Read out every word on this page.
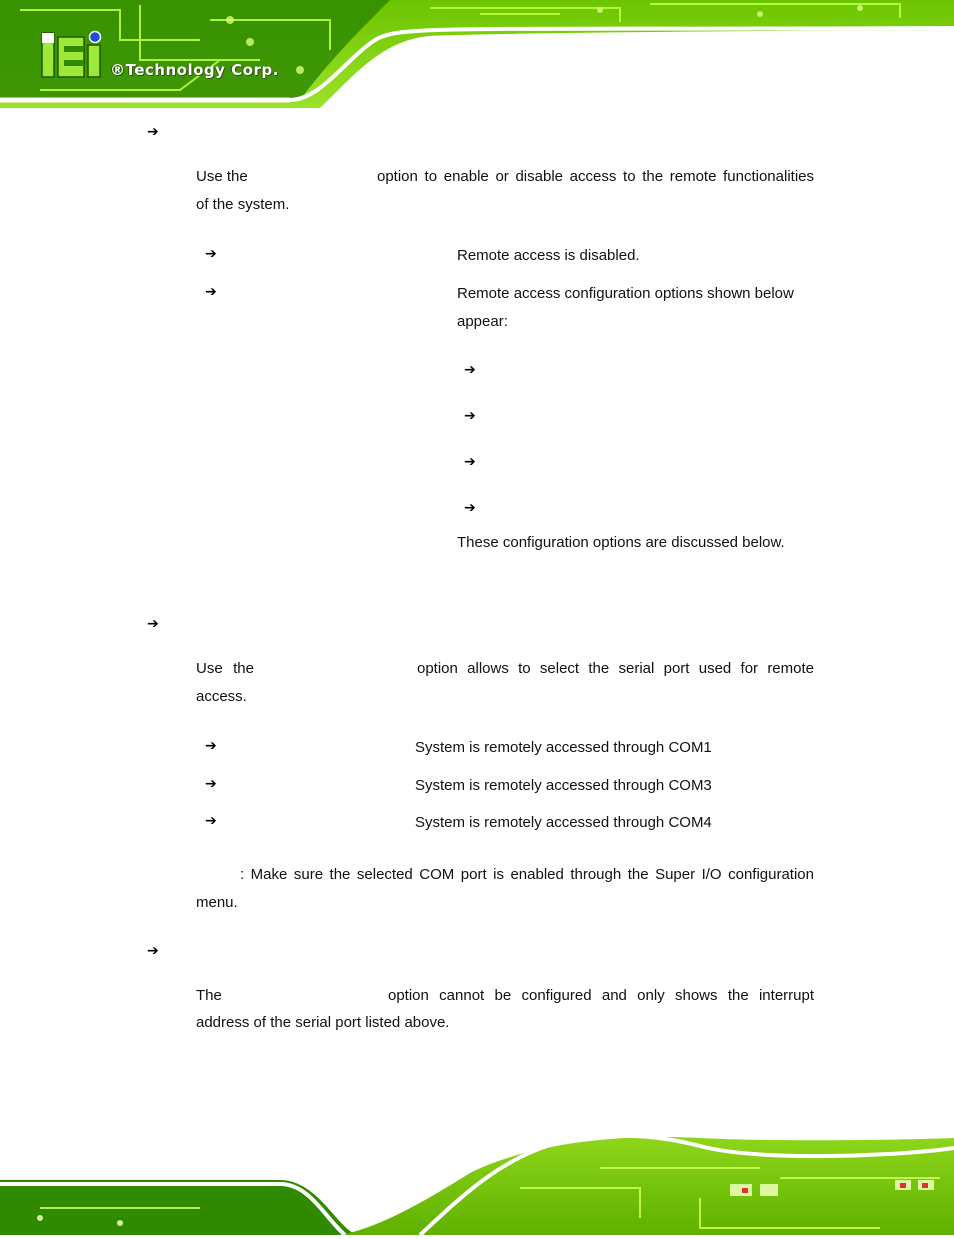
®Technology Corp.
➔
Use the	option to enable or disable access to the remote functionalities
of the system.
➔	Remote access is disabled.
➔	Remote access configuration options shown below
appear:
➔
➔
➔
➔
These configuration options are discussed below.
➔
Use the	option allows to select the serial port used for remote
access.
➔	System is remotely accessed through COM1
➔	System is remotely accessed through COM3
➔	System is remotely accessed through COM4
: Make sure the selected COM port is enabled through the Super I/O configuration
menu.
➔
The	option cannot be configured and only shows the interrupt
address of the serial port listed above.
